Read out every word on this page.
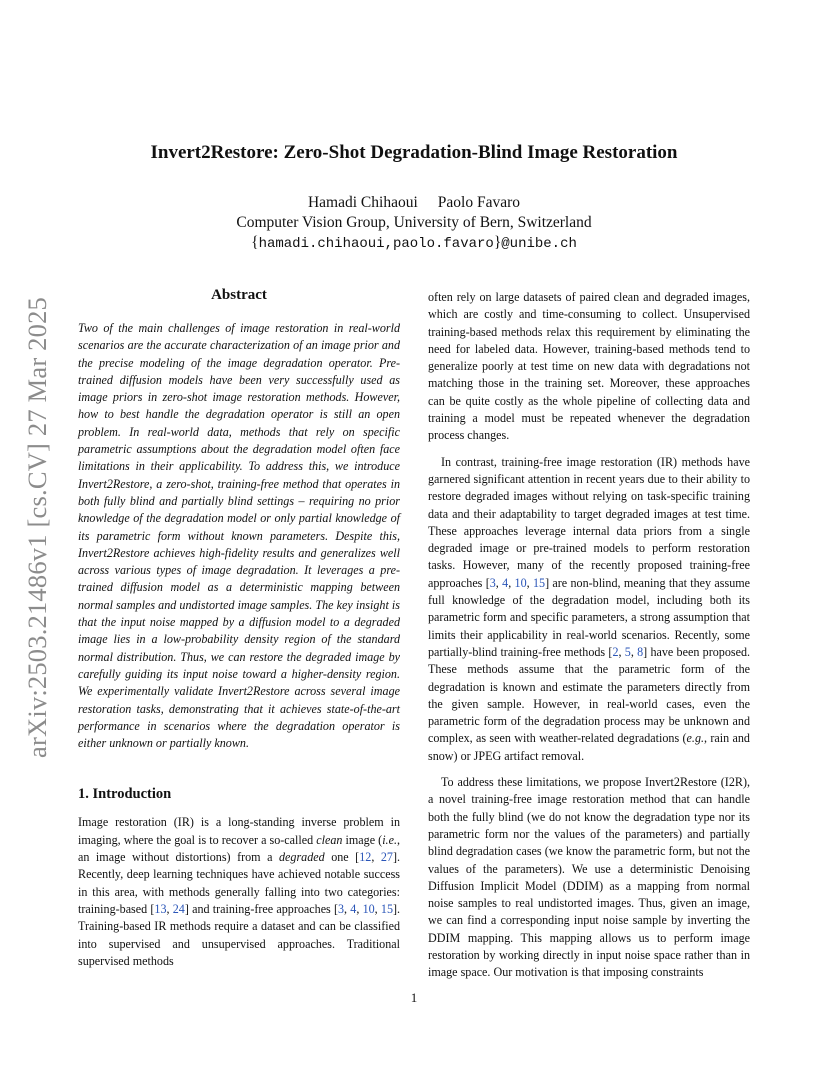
arXiv:2503.21486v1 [cs.CV] 27 Mar 2025
Invert2Restore: Zero-Shot Degradation-Blind Image Restoration
Hamadi Chihaoui Paolo Favaro
Computer Vision Group, University of Bern, Switzerland
{hamadi.chihaoui,paolo.favaro}@unibe.ch
Abstract

Two of the main challenges of image restoration in real-world scenarios are the accurate characterization of an image prior and the precise modeling of the image degradation operator. Pre-trained diffusion models have been very successfully used as image priors in zero-shot image restoration methods. However, how to best handle the degradation operator is still an open problem. In real-world data, methods that rely on specific parametric assumptions about the degradation model often face limitations in their applicability. To address this, we introduce Invert2Restore, a zero-shot, training-free method that operates in both fully blind and partially blind settings – requiring no prior knowledge of the degradation model or only partial knowledge of its parametric form without known parameters. Despite this, Invert2Restore achieves high-fidelity results and generalizes well across various types of image degradation. It leverages a pre-trained diffusion model as a deterministic mapping between normal samples and undistorted image samples. The key insight is that the input noise mapped by a diffusion model to a degraded image lies in a low-probability density region of the standard normal distribution. Thus, we can restore the degraded image by carefully guiding its input noise toward a higher-density region. We experimentally validate Invert2Restore across several image restoration tasks, demonstrating that it achieves state-of-the-art performance in scenarios where the degradation operator is either unknown or partially known.

1. Introduction

Image restoration (IR) is a long-standing inverse problem in imaging, where the goal is to recover a so-called clean image (i.e., an image without distortions) from a degraded one [12, 27]. Recently, deep learning techniques have achieved notable success in this area, with methods generally falling into two categories: training-based [13, 24] and training-free approaches [3, 4, 10, 15]. Training-based IR methods require a dataset and can be classified into supervised and unsupervised approaches. Traditional supervised methods

often rely on large datasets of paired clean and degraded images, which are costly and time-consuming to collect. Unsupervised training-based methods relax this requirement by eliminating the need for labeled data. However, training-based methods tend to generalize poorly at test time on new data with degradations not matching those in the training set. Moreover, these approaches can be quite costly as the whole pipeline of collecting data and training a model must be repeated whenever the degradation process changes.

In contrast, training-free image restoration (IR) methods have garnered significant attention in recent years due to their ability to restore degraded images without relying on task-specific training data and their adaptability to target degraded images at test time. These approaches leverage internal data priors from a single degraded image or pre-trained models to perform restoration tasks. However, many of the recently proposed training-free approaches [3, 4, 10, 15] are non-blind, meaning that they assume full knowledge of the degradation model, including both its parametric form and specific parameters, a strong assumption that limits their applicability in real-world scenarios. Recently, some partially-blind training-free methods [2, 5, 8] have been proposed. These methods assume that the parametric form of the degradation is known and estimate the parameters directly from the given sample. However, in real-world cases, even the parametric form of the degradation process may be unknown and complex, as seen with weather-related degradations (e.g., rain and snow) or JPEG artifact removal.

To address these limitations, we propose Invert2Restore (I2R), a novel training-free image restoration method that can handle both the fully blind (we do not know the degradation type nor its parametric form nor the values of the parameters) and partially blind degradation cases (we know the parametric form, but not the values of the parameters). We use a deterministic Denoising Diffusion Implicit Model (DDIM) as a mapping from normal noise samples to real undistorted images. Thus, given an image, we can find a corresponding input noise sample by inverting the DDIM mapping. This mapping allows us to perform image restoration by working directly in input noise space rather than in image space. Our motivation is that imposing constraints

1
